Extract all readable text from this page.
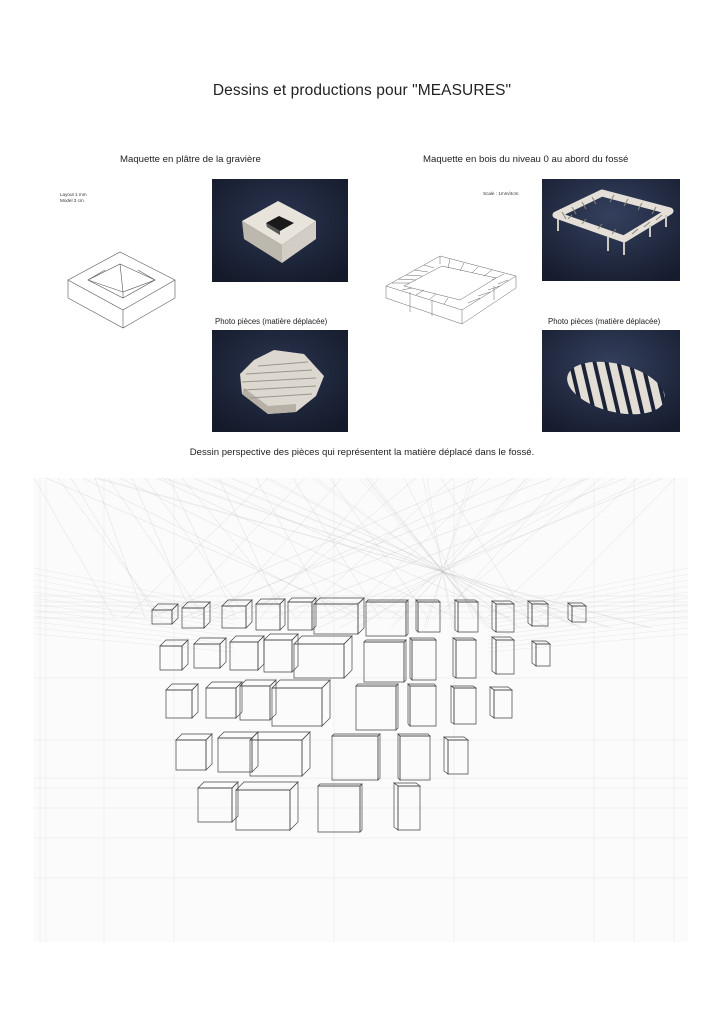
Dessins et productions pour "MEASURES"
Maquette en plâtre de la gravière
Layout 1 mm
Model 3 cm
Photo pièces (matière déplacée)
Maquette en bois du niveau 0 au abord du fossé
Scale : 1mm/4cm
Photo pièces (matière déplacée)
Dessin perspective des pièces qui représentent la matière déplacé dans le fossé.
